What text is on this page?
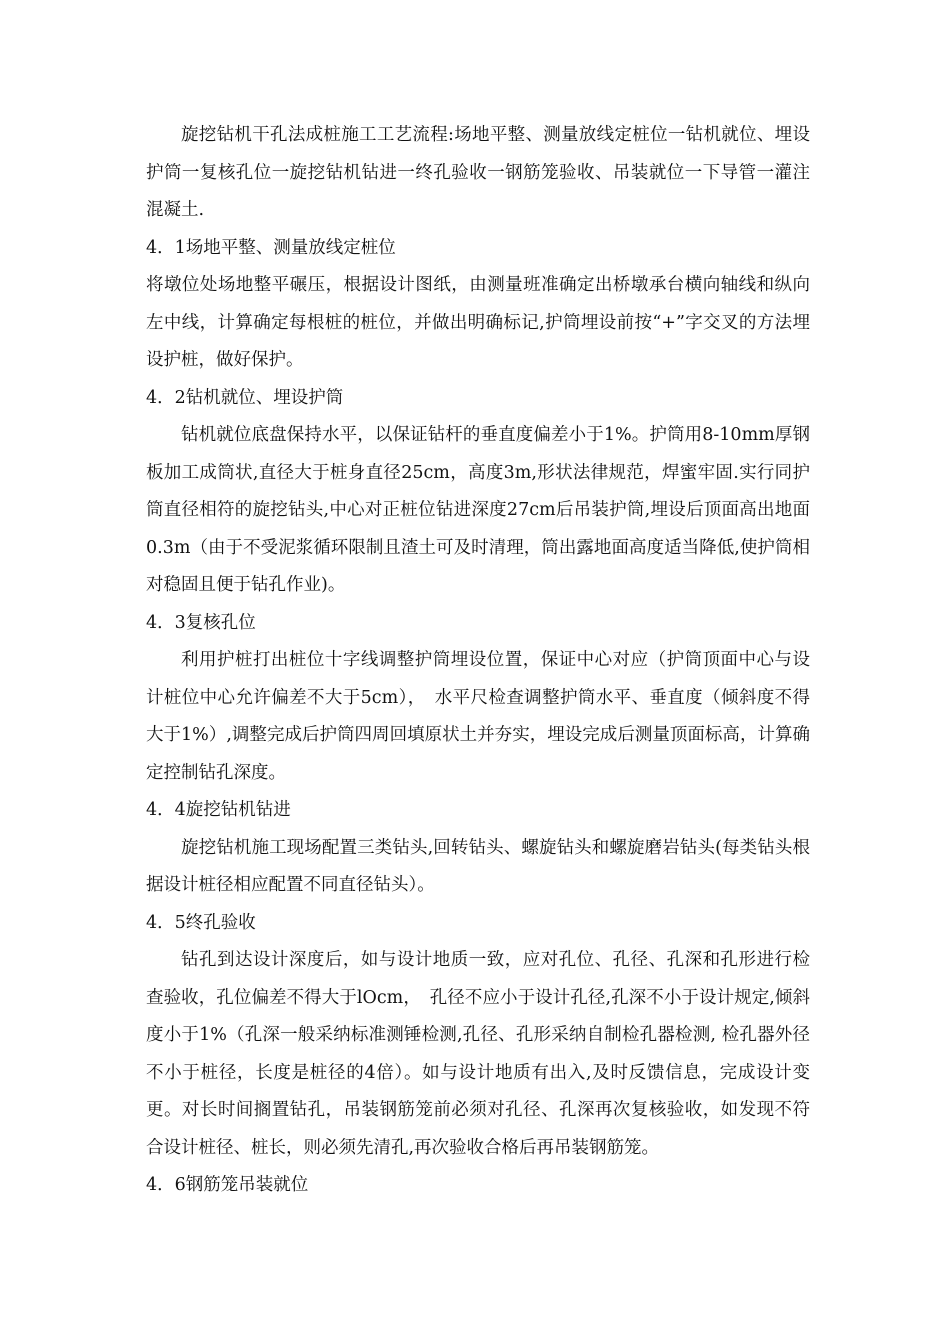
旋挖钻机干孔法成桩施工工艺流程:场地平整、测量放线定桩位一钻机就位、埋设护筒一复核孔位一旋挖钻机钻进一终孔验收一钢筋笼验收、吊装就位一下导管一灌注混凝土.

4．1场地平整、测量放线定桩位

将墩位处场地整平碾压，根据设计图纸，由测量班准确定出桥墩承台横向轴线和纵向左中线，计算确定每根桩的桩位，并做出明确标记,护筒埋设前按“+”字交叉的方法埋设护桩，做好保护。

4．2钻机就位、埋设护筒

钻机就位底盘保持水平，以保证钻杆的垂直度偏差小于1%。护筒用8-10mm厚钢板加工成筒状,直径大于桩身直径25cm，高度3m,形状法律规范，焊蜜牢固.实行同护筒直径相符的旋挖钻头,中心对正桩位钻进深度27cm后吊装护筒,埋设后顶面高出地面0.3m（由于不受泥浆循环限制且渣土可及时清理，筒出露地面高度适当降低,使护筒相对稳固且便于钻孔作业)。

4．3复核孔位

利用护桩打出桩位十字线调整护筒埋设位置，保证中心对应（护筒顶面中心与设计桩位中心允许偏差不大于5cm），　水平尺检查调整护筒水平、垂直度（倾斜度不得大于1%）,调整完成后护筒四周回填原状土并夯实，埋设完成后测量顶面标高，计算确定控制钻孔深度。

4．4旋挖钻机钻进

旋挖钻机施工现场配置三类钻头,回转钻头、螺旋钻头和螺旋磨岩钻头(每类钻头根据设计桩径相应配置不同直径钻头）。

4．5终孔验收

钻孔到达设计深度后，如与设计地质一致，应对孔位、孔径、孔深和孔形进行检查验收，孔位偏差不得大于lOcm，　孔径不应小于设计孔径,孔深不小于设计规定,倾斜度小于1%（孔深一般采纳标准测锤检测,孔径、孔形采纳自制检孔器检测, 检孔器外径不小于桩径，长度是桩径的4倍）。如与设计地质有出入,及时反馈信息，完成设计变更。对长时间搁置钻孔，吊装钢筋笼前必须对孔径、孔深再次复核验收，如发现不符合设计桩径、桩长，则必须先清孔,再次验收合格后再吊装钢筋笼。

4．6钢筋笼吊装就位
